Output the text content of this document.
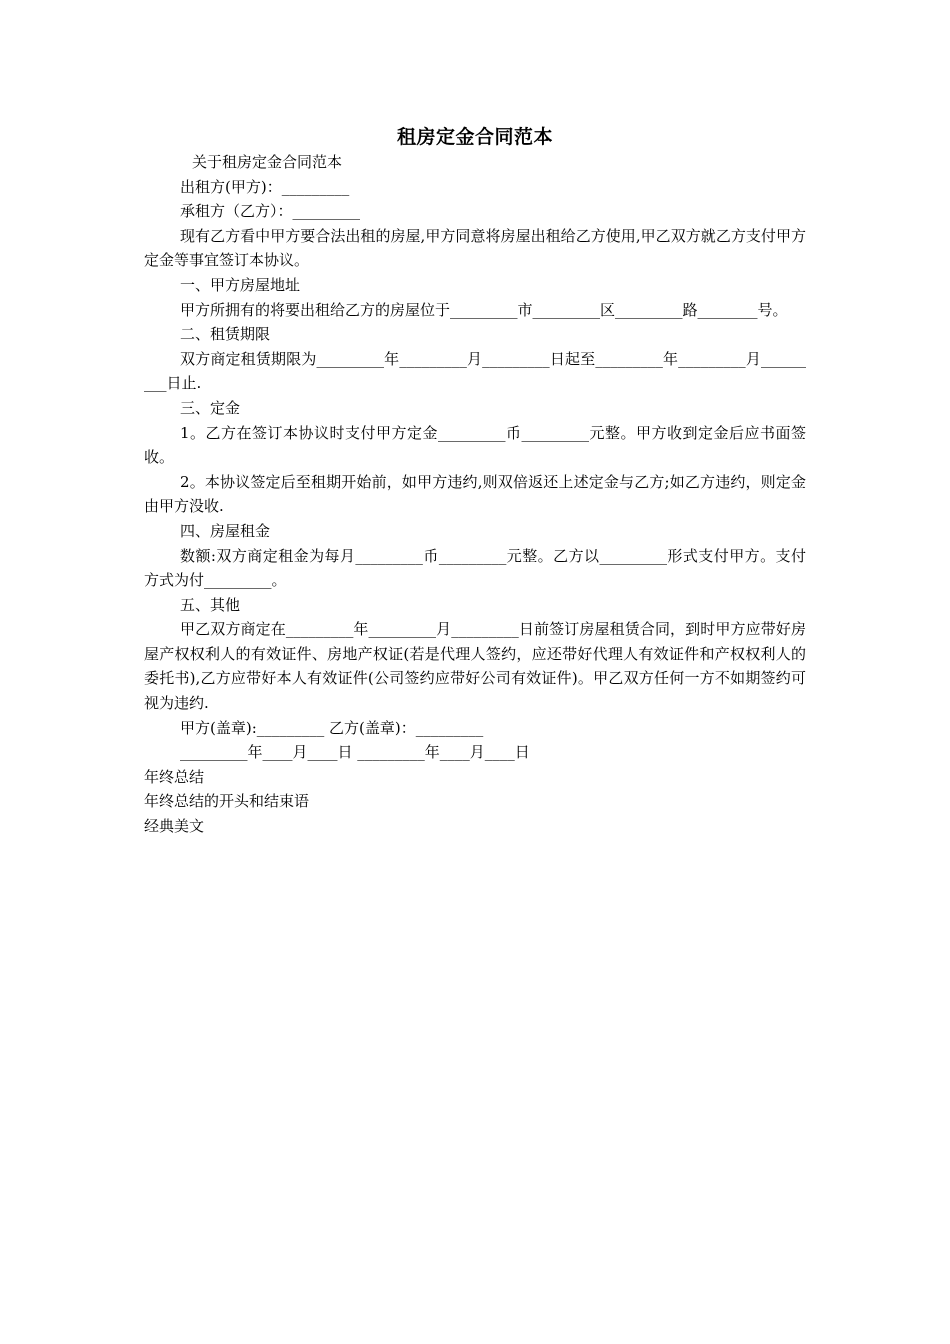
租房定金合同范本

关于租房定金合同范本

出租方(甲方)：_________

承租方（乙方）：_________

现有乙方看中甲方要合法出租的房屋,甲方同意将房屋出租给乙方使用,甲乙双方就乙方支付甲方定金等事宜签订本协议。

一、甲方房屋地址

甲方所拥有的将要出租给乙方的房屋位于_________市_________区_________路________号。

二、租赁期限

双方商定租赁期限为_________年_________月_________日起至_________年_________月_________日止.

三、定金

1。乙方在签订本协议时支付甲方定金_________币_________元整。甲方收到定金后应书面签收。

2。本协议签定后至租期开始前，如甲方违约,则双倍返还上述定金与乙方;如乙方违约，则定金由甲方没收.

四、房屋租金

数额:双方商定租金为每月_________币_________元整。乙方以_________形式支付甲方。支付方式为付_________。

五、其他

甲乙双方商定在_________年_________月_________日前签订房屋租赁合同，到时甲方应带好房屋产权权利人的有效证件、房地产权证(若是代理人签约，应还带好代理人有效证件和产权权利人的委托书),乙方应带好本人有效证件(公司签约应带好公司有效证件)。甲乙双方任何一方不如期签约可视为违约.

甲方(盖章):_________ 乙方(盖章)：_________

_________年____月____日 _________年____月____日

年终总结

年终总结的开头和结束语

经典美文
